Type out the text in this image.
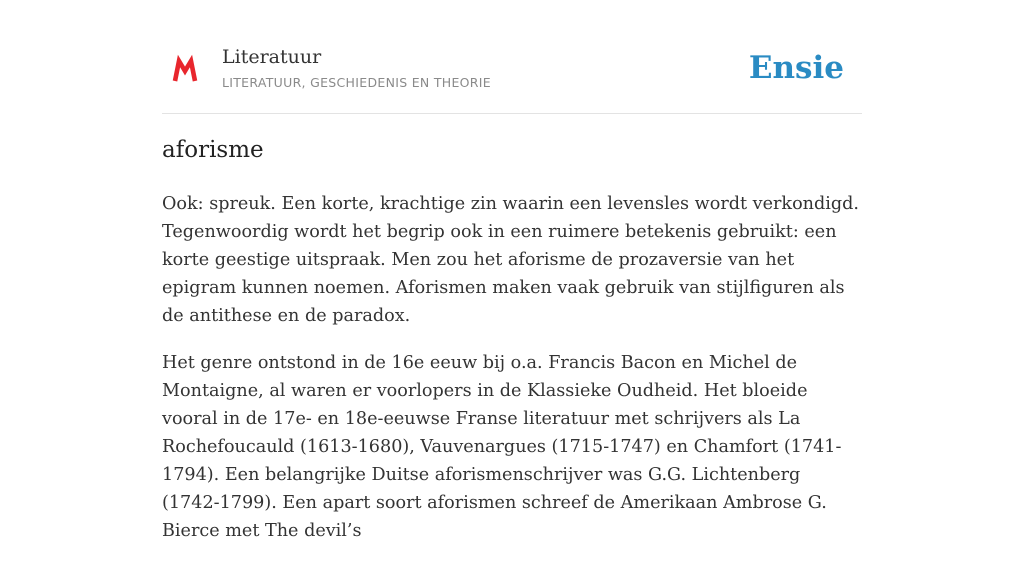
Literatuur
LITERATUUR, GESCHIEDENIS EN THEORIE	Ensie
aforisme

Ook: spreuk. Een korte, krachtige zin waarin een levensles wordt verkondigd. Tegenwoordig wordt het begrip ook in een ruimere betekenis gebruikt: een korte geestige uitspraak. Men zou het aforisme de prozaversie van het epigram kunnen noemen. Aforismen maken vaak gebruik van stijlfiguren als de antithese en de paradox.

Het genre ontstond in de 16e eeuw bij o.a. Francis Bacon en Michel de Montaigne, al waren er voorlopers in de Klassieke Oudheid. Het bloeide vooral in de 17e- en 18e-eeuwse Franse literatuur met schrijvers als La Rochefoucauld (1613-1680), Vauvenargues (1715-1747) en Chamfort (1741-1794). Een belangrijke Duitse aforismenschrijver was G.G. Lichtenberg (1742-1799). Een apart soort aforismen schreef de Amerikaan Ambrose G. Bierce met The devil’s
